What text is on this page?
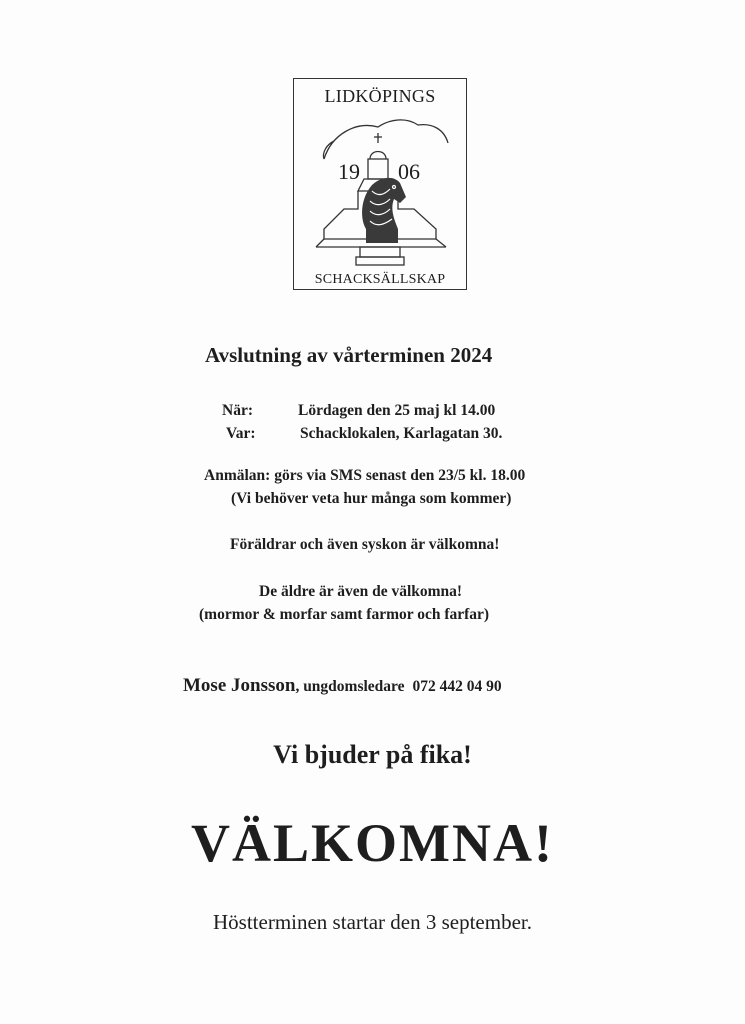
LIDKÖPINGS
19 06
SCHACKSÄLLSKAP
Avslutning av vårterminen 2024
När:	Lördagen den 25 maj kl 14.00
Var:	Schacklokalen, Karlagatan 30.
Anmälan: görs via SMS senast den 23/5 kl. 18.00
(Vi behöver veta hur många som kommer)
Föräldrar och även syskon är välkomna!
De äldre är även de välkomna!
(mormor & morfar samt farmor och farfar)
Mose Jonsson, ungdomsledare 072 442 04 90
Vi bjuder på fika!
VÄLKOMNA!
Höstterminen startar den 3 september.
